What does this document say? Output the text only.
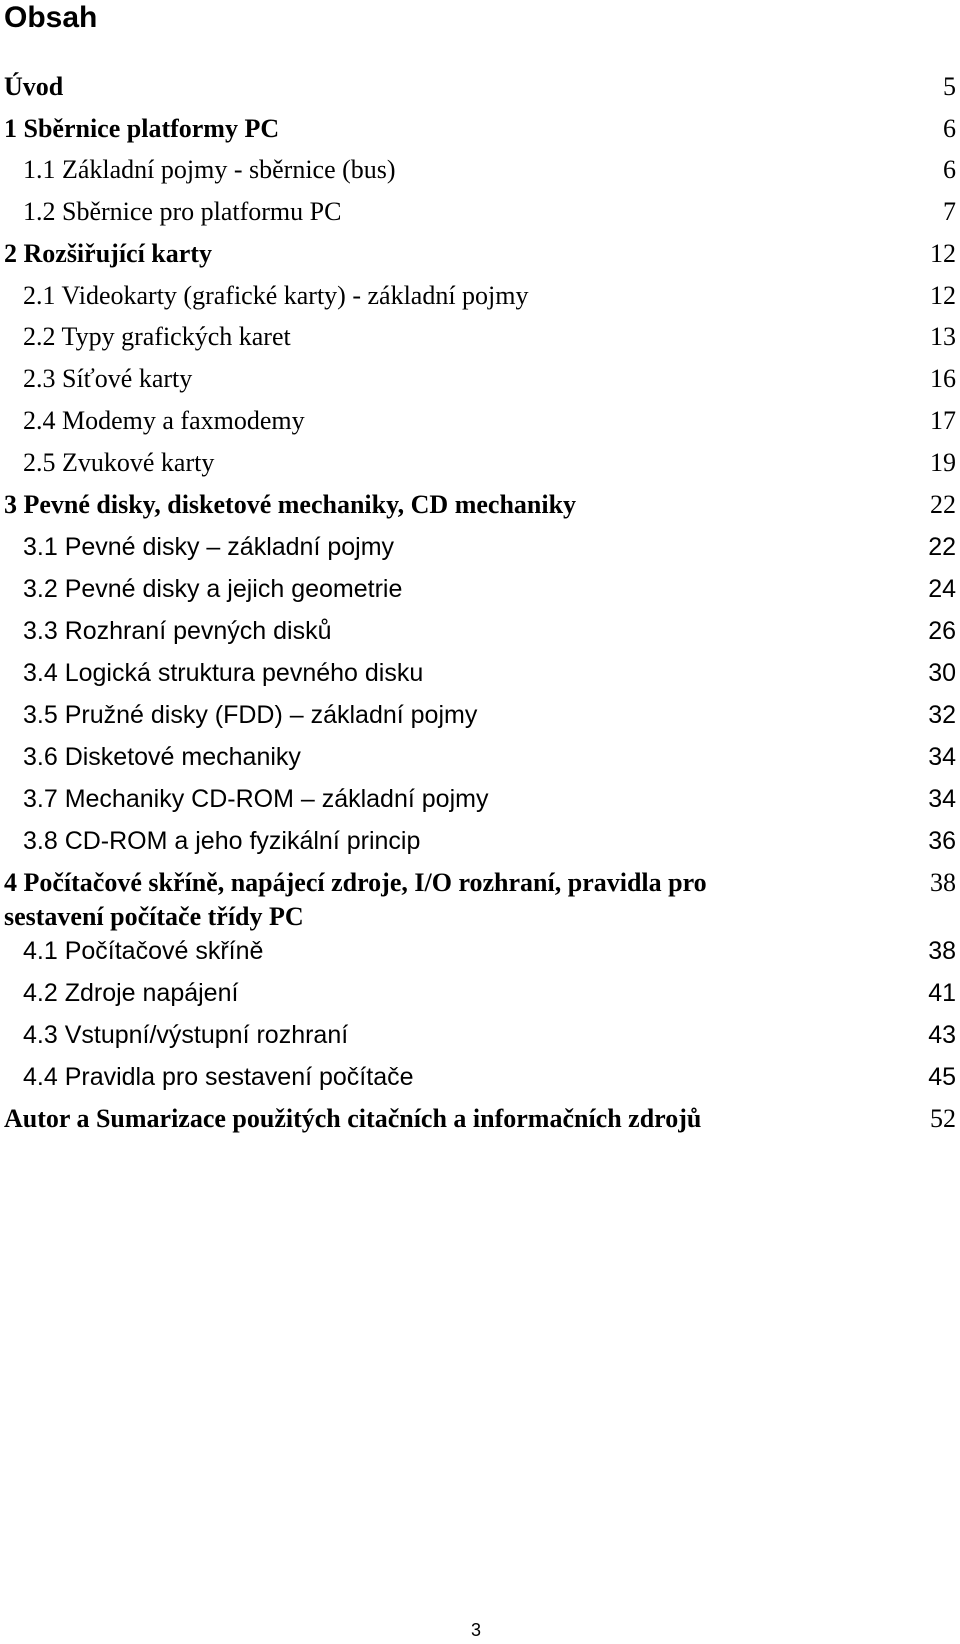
Obsah
Úvod	5
1 Sběrnice platformy PC	6
1.1 Základní pojmy - sběrnice (bus)	6
1.2 Sběrnice pro platformu PC	7
2 Rozšiřující karty	12
2.1 Videokarty (grafické karty) - základní pojmy	12
2.2 Typy grafických karet	13
2.3 Síťové karty	16
2.4 Modemy a faxmodemy	17
2.5 Zvukové karty	19
3 Pevné disky, disketové mechaniky, CD mechaniky	22
3.1 Pevné disky – základní pojmy	22
3.2 Pevné disky a jejich geometrie	24
3.3 Rozhraní pevných disků	26
3.4 Logická struktura pevného disku	30
3.5 Pružné disky (FDD) – základní pojmy	32
3.6 Disketové mechaniky	34
3.7 Mechaniky CD-ROM – základní pojmy	34
3.8 CD-ROM a jeho fyzikální princip	36
4 Počítačové skříně, napájecí zdroje, I/O rozhraní, pravidla pro	38
sestavení počítače třídy PC
4.1 Počítačové skříně	38
4.2 Zdroje napájení	41
4.3 Vstupní/výstupní rozhraní	43
4.4 Pravidla pro sestavení počítače	45
Autor a Sumarizace použitých citačních a informačních zdrojů	52
3
